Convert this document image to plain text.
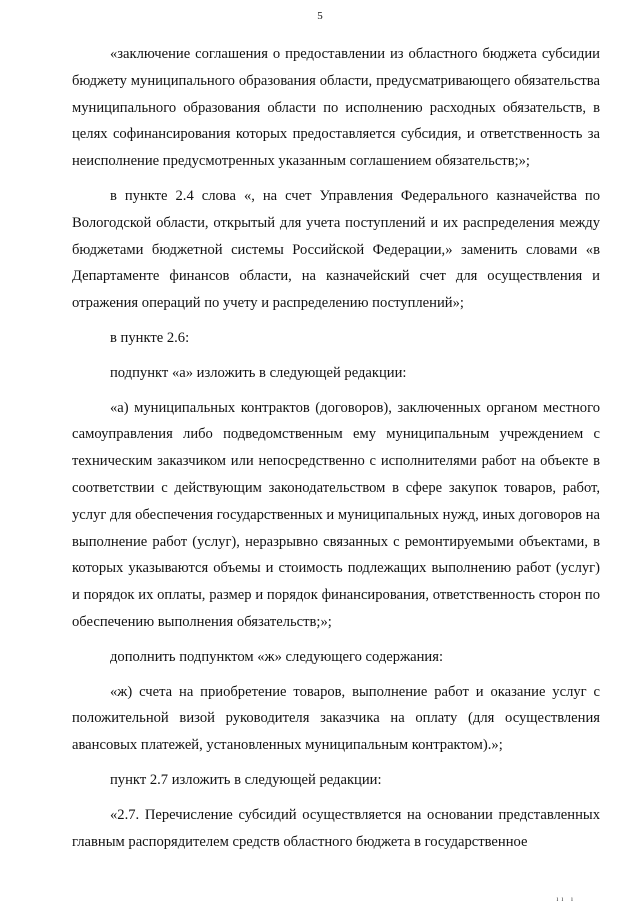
5

«заключение соглашения о предоставлении из областного бюджета субсидии бюджету муниципального образования области, предусматривающего обязательства муниципального образования области по исполнению расходных обязательств, в целях софинансирования которых предоставляется субсидия, и ответственность за неисполнение предусмотренных указанным соглашением обязательств;»;

в пункте 2.4 слова «, на счет Управления Федерального казначейства по Вологодской области, открытый для учета поступлений и их распределения между бюджетами бюджетной системы Российской Федерации,» заменить словами «в Департаменте финансов области, на казначейский счет для осуществления и отражения операций по учету и распределению поступлений»;

в пункте 2.6:

подпункт «а» изложить в следующей редакции:

«а) муниципальных контрактов (договоров), заключенных органом местного самоуправления либо подведомственным ему муниципальным учреждением с техническим заказчиком или непосредственно с исполнителями работ на объекте в соответствии с действующим законодательством в сфере закупок товаров, работ, услуг для обеспечения государственных и муниципальных нужд, иных договоров на выполнение работ (услуг), неразрывно связанных с ремонтируемыми объектами, в которых указываются объемы и стоимость подлежащих выполнению работ (услуг) и порядок их оплаты, размер и порядок финансирования, ответственность сторон по обеспечению выполнения обязательств;»;

дополнить подпунктом «ж» следующего содержания:

«ж) счета на приобретение товаров, выполнение работ и оказание услуг с положительной визой руководителя заказчика на оплату (для осуществления авансовых платежей, установленных муниципальным контрактом).»;

пункт 2.7 изложить в следующей редакции:

«2.7. Перечисление субсидий осуществляется на основании представленных главным распорядителем средств областного бюджета в государственное

ıı ı
